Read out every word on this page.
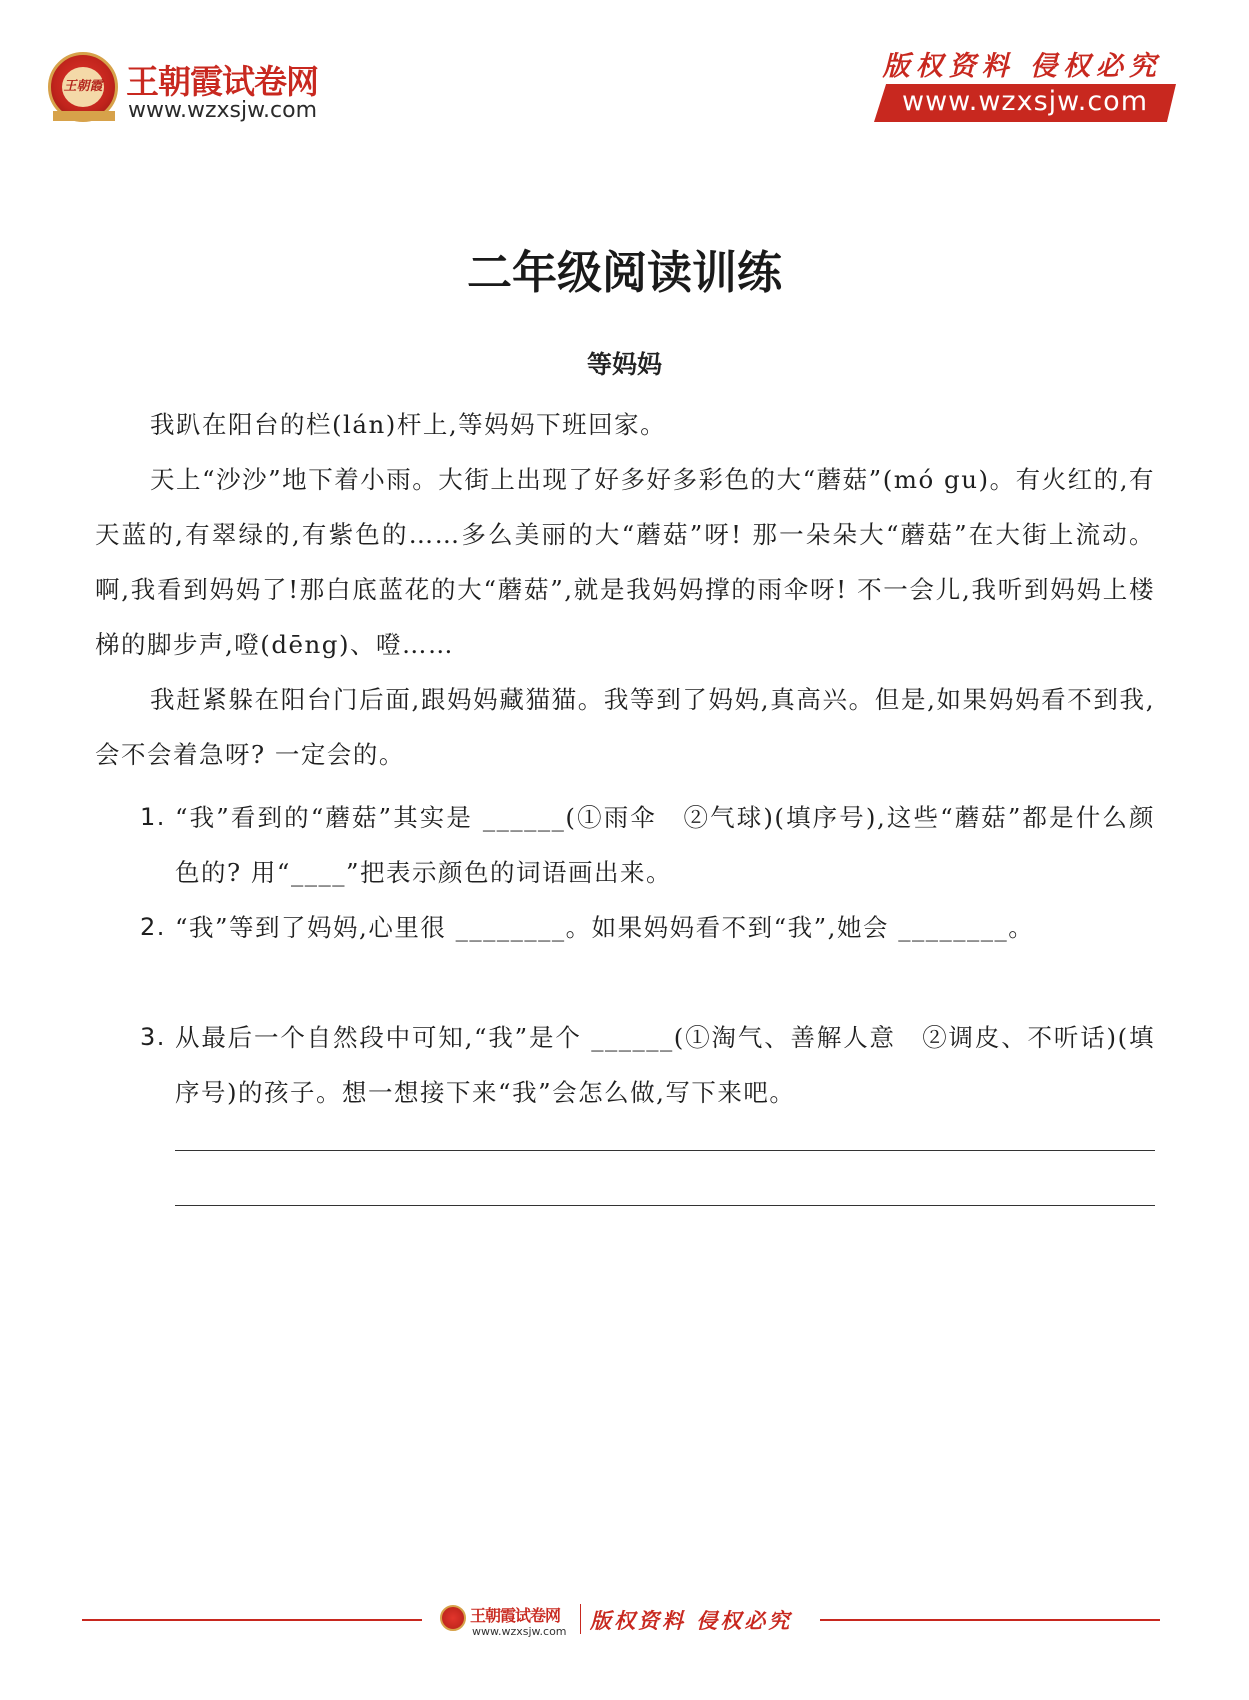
王朝霞 王朝霞试卷网
www.wzxsjw.com
版权资料 侵权必究
www.wzxsjw.com
二年级阅读训练
等妈妈

我趴在阳台的栏(lán)杆上,等妈妈下班回家。

天上“沙沙”地下着小雨。大街上出现了好多好多彩色的大“蘑菇”(mó gu)。有火红的,有天蓝的,有翠绿的,有紫色的……多么美丽的大“蘑菇”呀! 那一朵朵大“蘑菇”在大街上流动。啊,我看到妈妈了!那白底蓝花的大“蘑菇”,就是我妈妈撑的雨伞呀! 不一会儿,我听到妈妈上楼梯的脚步声,噔(dēng)、噔……

我赶紧躲在阳台门后面,跟妈妈藏猫猫。我等到了妈妈,真高兴。但是,如果妈妈看不到我,会不会着急呀? 一定会的。

1. “我”看到的“蘑菇”其实是 ______(①雨伞　②气球)(填序号),这些“蘑菇”都是什么颜色的? 用“____”把表示颜色的词语画出来。
2. “我”等到了妈妈,心里很 ________。如果妈妈看不到“我”,她会 ________。
3. 从最后一个自然段中可知,“我”是个 ______(①淘气、善解人意　②调皮、不听话)(填序号)的孩子。想一想接下来“我”会怎么做,写下来吧。
王朝霞试卷网
www.wzxsjw.com 版权资料 侵权必究
